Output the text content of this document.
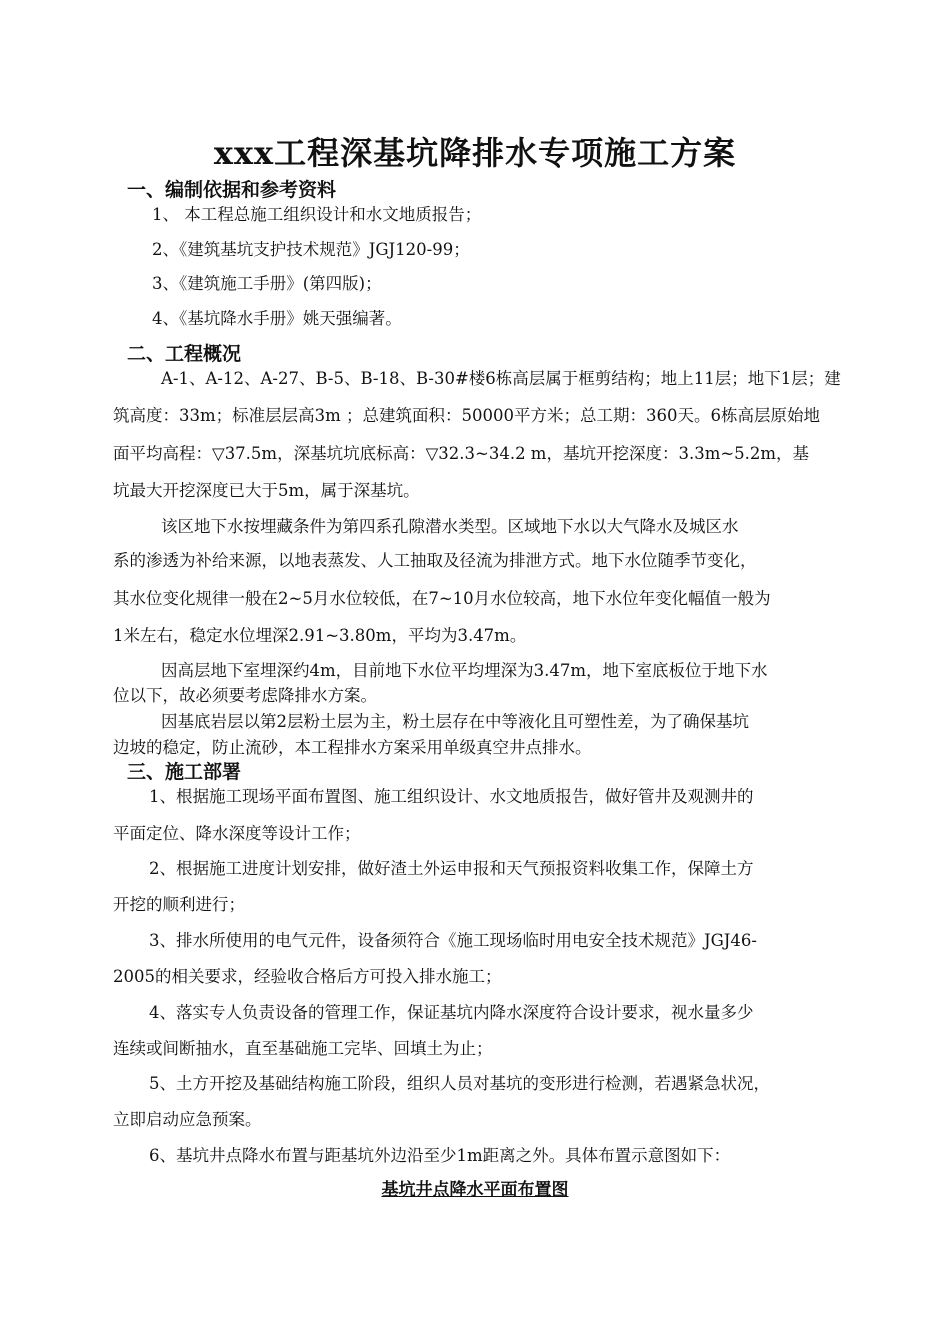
xxx工程深基坑降排水专项施工方案
一、编制依据和参考资料
1、 本工程总施工组织设计和水文地质报告；
2、《建筑基坑支护技术规范》JGJ120-99；
3、《建筑施工手册》(第四版)；
4、《基坑降水手册》姚天强编著。
二、工程概况
A-1、A-12、A-27、B-5、B-18、B-30#楼6栋高层属于框剪结构；地上11层；地下1层；建
筑高度：33m；标准层层高3m ；总建筑面积：50000平方米；总工期：360天。6栋高层原始地
面平均高程：▽37.5m，深基坑坑底标高：▽32.3~34.2 m，基坑开挖深度：3.3m~5.2m，基
坑最大开挖深度已大于5m，属于深基坑。
该区地下水按埋藏条件为第四系孔隙潜水类型。区域地下水以大气降水及城区水
系的渗透为补给来源，以地表蒸发、人工抽取及径流为排泄方式。地下水位随季节变化，
其水位变化规律一般在2~5月水位较低，在7~10月水位较高，地下水位年变化幅值一般为
1米左右，稳定水位埋深2.91~3.80m，平均为3.47m。
因高层地下室埋深约4m，目前地下水位平均埋深为3.47m，地下室底板位于地下水
位以下，故必须要考虑降排水方案。
因基底岩层以第2层粉土层为主，粉土层存在中等液化且可塑性差，为了确保基坑
边坡的稳定，防止流砂，本工程排水方案采用单级真空井点排水。
三、施工部署
1、根据施工现场平面布置图、施工组织设计、水文地质报告，做好管井及观测井的
平面定位、降水深度等设计工作；
2、根据施工进度计划安排，做好渣土外运申报和天气预报资料收集工作，保障土方
开挖的顺利进行；
3、排水所使用的电气元件，设备须符合《施工现场临时用电安全技术规范》JGJ46-
2005的相关要求，经验收合格后方可投入排水施工；
4、落实专人负责设备的管理工作，保证基坑内降水深度符合设计要求，视水量多少
连续或间断抽水，直至基础施工完毕、回填土为止；
5、土方开挖及基础结构施工阶段，组织人员对基坑的变形进行检测，若遇紧急状况，
立即启动应急预案。
6、基坑井点降水布置与距基坑外边沿至少1m距离之外。具体布置示意图如下：
基坑井点降水平面布置图
